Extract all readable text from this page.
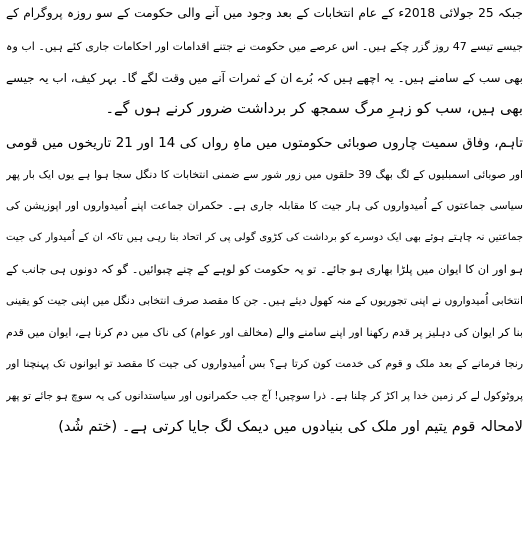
جبکہ 25 جولائی 2018ء کے عام انتخابات کے بعد وجود میں آنے والی حکومت کے سو روزہ پروگرام کے
جیسے تیسے 47 روز گزر چکے ہیں۔ اس عرصے میں حکومت نے جتنے اقدامات اور احکامات جاری کئے ہیں۔ اب وہ
بھی سب کے سامنے ہیں۔ یہ اچھے ہیں کہ بُرے ان کے ثمرات آنے میں وقت لگے گا۔ بہر کیف، اب یہ جیسے
بھی ہیں، سب کو زہرِ مرگ سمجھ کر برداشت ضرور کرنے ہوں گے۔
تاہم، وفاق سمیت چاروں صوبائی حکومتوں میں ماہِ رواں کی 14 اور 21 تاریخوں میں قومی
اور صوبائی اسمبلیوں کے لگ بھگ 39 حلقوں میں زور شور سے ضمنی انتخابات کا دنگل سجا ہوا ہے یوں ایک بار پھر
سیاسی جماعتوں کے اُمیدواروں کی ہار جیت کا مقابلہ جاری ہے۔ حکمران جماعت اپنے اُمیدواروں اور اپوزیشن کی
جماعتیں نہ چاہتے ہوئے بھی ایک دوسرے کو برداشت کی کڑوی گولی پی کر اتحاد بنا رہی ہیں تاکہ ان کے اُمیدوار کی جیت
ہو اور ان کا ایوان میں پلڑا بھاری ہو جائے۔ تو یہ حکومت کو لوہے کے چنے چبوائیں۔ گو کہ دونوں ہی جانب کے
انتخابی اُمیدواروں نے اپنی تجوریوں کے منہ کھول دیئے ہیں۔ جن کا مقصد صرف انتخابی دنگل میں اپنی جیت کو یقینی
بنا کر ایوان کی دہلیز پر قدم رکھنا اور اپنے سامنے والے (مخالف اور عوام) کی ناک میں دم کرنا ہے، ایوان میں قدم
رنجا فرمانے کے بعد ملک و قوم کی خدمت کون کرتا ہے؟ بس اُمیدواروں کی جیت کا مقصد تو ایوانوں تک پہنچنا اور
پروٹوکول لے کر زمین خدا پر اکڑ کر چلنا ہے۔ ذرا سوچیں! آج جب حکمرانوں اور سیاستدانوں کی یہ سوچ ہو جائے تو پھر
لامحالہ قوم یتیم اور ملک کی بنیادوں میں دیمک لگ جایا کرتی ہے۔ (ختم شُد)
